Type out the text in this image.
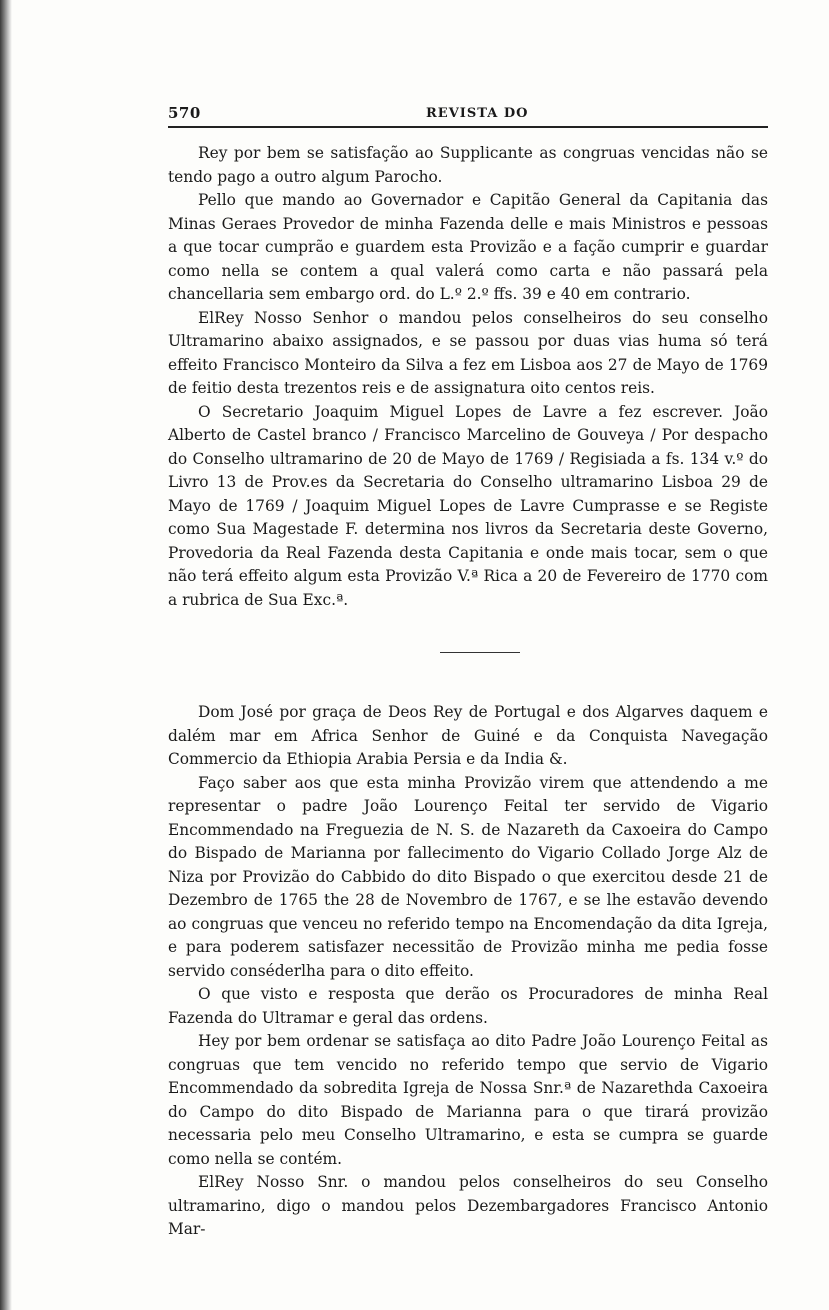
570	REVISTA DO

Rey por bem se satisfação ao Supplicante as congruas vencidas não se tendo pago a outro algum Parocho.

Pello que mando ao Governador e Capitão General da Capitania das Minas Geraes Provedor de minha Fazenda delle e mais Ministros e pessoas a que tocar cumprão e guardem esta Provizão e a fação cumprir e guardar como nella se contem a qual valerá como carta e não passará pela chancellaria sem embargo ord. do L.º 2.º ffs. 39 e 40 em contrario.

ElRey Nosso Senhor o mandou pelos conselheiros do seu conselho Ultramarino abaixo assignados, e se passou por duas vias huma só terá effeito Francisco Monteiro da Silva a fez em Lisboa aos 27 de Mayo de 1769 de feitio desta trezentos reis e de assignatura oito centos reis.

O Secretario Joaquim Miguel Lopes de Lavre a fez escrever. João Alberto de Castel branco / Francisco Marcelino de Gouveya / Por despacho do Conselho ultramarino de 20 de Mayo de 1769 / Regisiada a fs. 134 v.º do Livro 13 de Prov.es da Secretaria do Conselho ultramarino Lisboa 29 de Mayo de 1769 / Joaquim Miguel Lopes de Lavre Cumprasse e se Registe como Sua Magestade F. determina nos livros da Secretaria deste Governo, Provedoria da Real Fazenda desta Capitania e onde mais tocar, sem o que não terá effeito algum esta Provizão V.ª Rica a 20 de Fevereiro de 1770 com a rubrica de Sua Exc.ª.

Dom José por graça de Deos Rey de Portugal e dos Algarves daquem e dalém mar em Africa Senhor de Guiné e da Conquista Navegação Commercio da Ethiopia Arabia Persia e da India &.

Faço saber aos que esta minha Provizão virem que attendendo a me representar o padre João Lourenço Feital ter servido de Vigario Encommendado na Freguezia de N. S. de Nazareth da Caxoeira do Campo do Bispado de Marianna por fallecimento do Vigario Collado Jorge Alz de Niza por Provizão do Cabbido do dito Bispado o que exercitou desde 21 de Dezembro de 1765 the 28 de Novembro de 1767, e se lhe estavão devendo ao congruas que venceu no referido tempo na Encomendação da dita Igreja, e para poderem satisfazer necessitão de Provizão minha me pedia fosse servido conséderlha para o dito effeito.

O que visto e resposta que derão os Procuradores de minha Real Fazenda do Ultramar e geral das ordens.

Hey por bem ordenar se satisfaça ao dito Padre João Lourenço Feital as congruas que tem vencido no referido tempo que servio de Vigario Encommendado da sobredita Igreja de Nossa Snr.ª de Nazarethda Caxoeira do Campo do dito Bispado de Marianna para o que tirará provizão necessaria pelo meu Conselho Ultramarino, e esta se cumpra se guarde como nella se contém.

ElRey Nosso Snr. o mandou pelos conselheiros do seu Conselho ultramarino, digo o mandou pelos Dezembargadores Francisco Antonio Mar-
